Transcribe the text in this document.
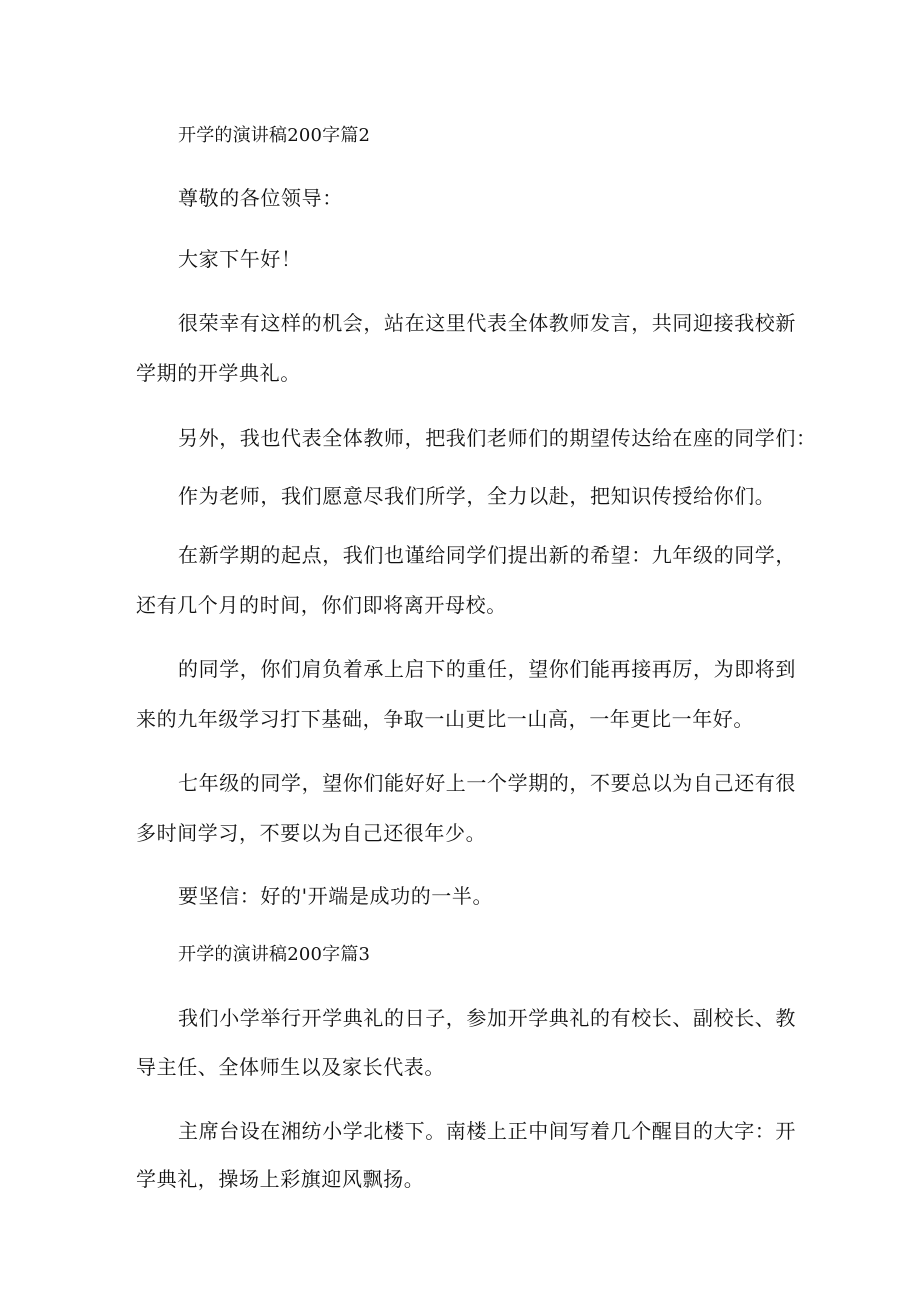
开学的演讲稿200字篇2
尊敬的各位领导：
大家下午好！
很荣幸有这样的机会，站在这里代表全体教师发言，共同迎接我校新
学期的开学典礼。
另外，我也代表全体教师，把我们老师们的期望传达给在座的同学们：
作为老师，我们愿意尽我们所学，全力以赴，把知识传授给你们。
在新学期的起点，我们也谨给同学们提出新的希望：九年级的同学，
还有几个月的时间，你们即将离开母校。
的同学，你们肩负着承上启下的重任，望你们能再接再厉，为即将到
来的九年级学习打下基础，争取一山更比一山高，一年更比一年好。
七年级的同学，望你们能好好上一个学期的，不要总以为自己还有很
多时间学习，不要以为自己还很年少。
要坚信：好的'开端是成功的一半。
开学的演讲稿200字篇3
我们小学举行开学典礼的日子，参加开学典礼的有校长、副校长、教
导主任、全体师生以及家长代表。
主席台设在湘纺小学北楼下。南楼上正中间写着几个醒目的大字：开
学典礼，操场上彩旗迎风飘扬。
